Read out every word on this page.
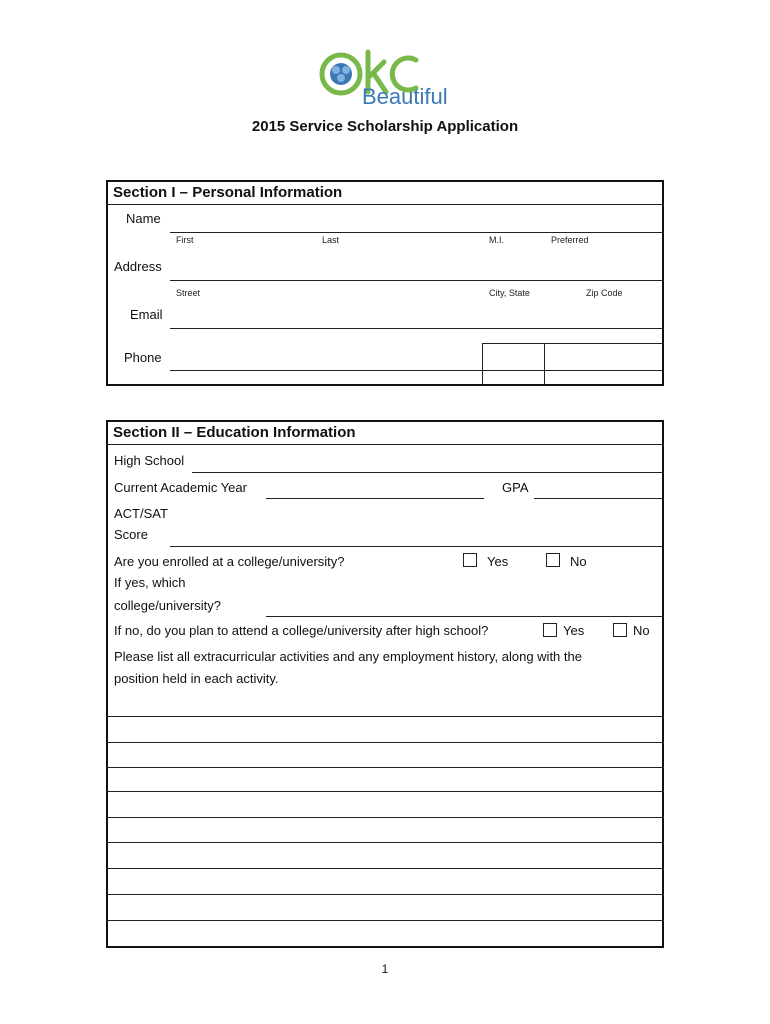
Beautiful
2015 Service Scholarship Application
Section I – Personal Information
Name
First	Last	M.I.	Preferred
Address
Street	City, State	Zip Code
Email
Phone
Section II – Education Information
High School
Current Academic Year	GPA
ACT/SAT
Score
Are you enrolled at a college/university?	Yes	No
If yes, which
college/university?
If no, do you plan to attend a college/university after high school?	Yes	No
Please list all extracurricular activities and any employment history, along with the
position held in each activity.
1
